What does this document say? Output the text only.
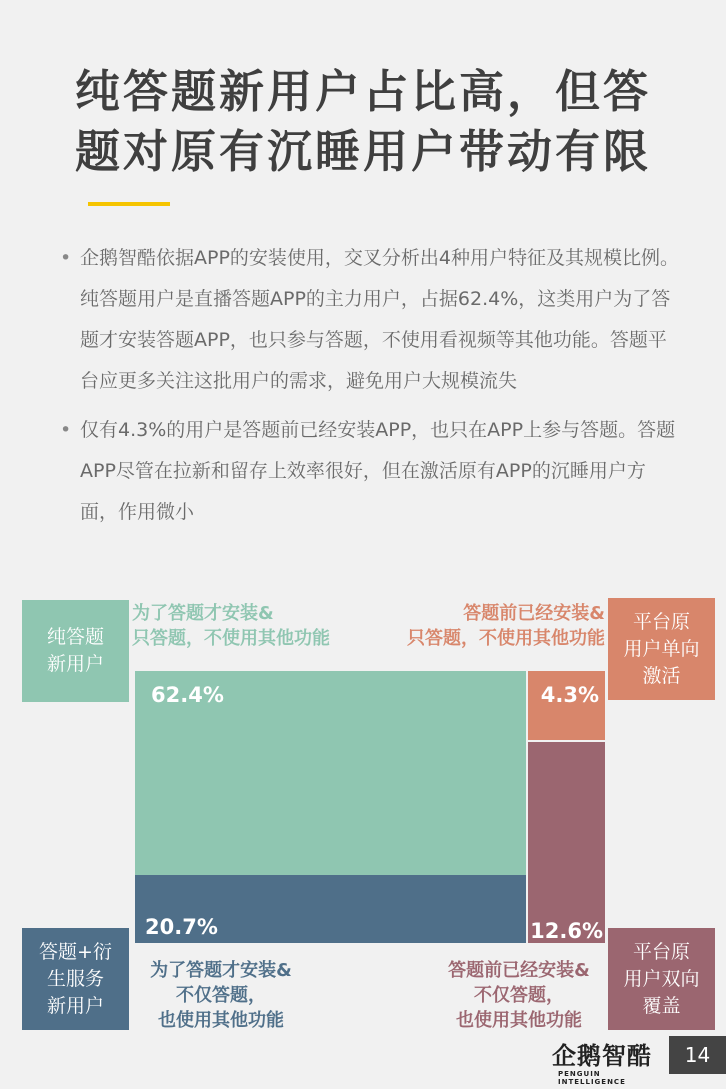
纯答题新用户占比高，但答
题对原有沉睡用户带动有限
• 企鹅智酷依据APP的安装使用，交叉分析出4种用户特征及其规模比例。纯答题用户是直播答题APP的主力用户，占据62.4%，这类用户为了答题才安装答题APP，也只参与答题，不使用看视频等其他功能。答题平台应更多关注这批用户的需求，避免用户大规模流失
• 仅有4.3%的用户是答题前已经安装APP，也只在APP上参与答题。答题APP尽管在拉新和留存上效率很好，但在激活原有APP的沉睡用户方面，作用微小
纯答题
新用户
答题+衍
生服务
新用户
平台原
用户单向
激活
平台原
用户双向
覆盖
为了答题才安装&
只答题，不使用其他功能
答题前已经安装&
只答题，不使用其他功能
为了答题才安装&
不仅答题，
也使用其他功能
答题前已经安装&
不仅答题，
也使用其他功能
62.4%
20.7%
4.3%
12.6%
企鹅智酷
PENGUIN INTELLIGENCE
14
